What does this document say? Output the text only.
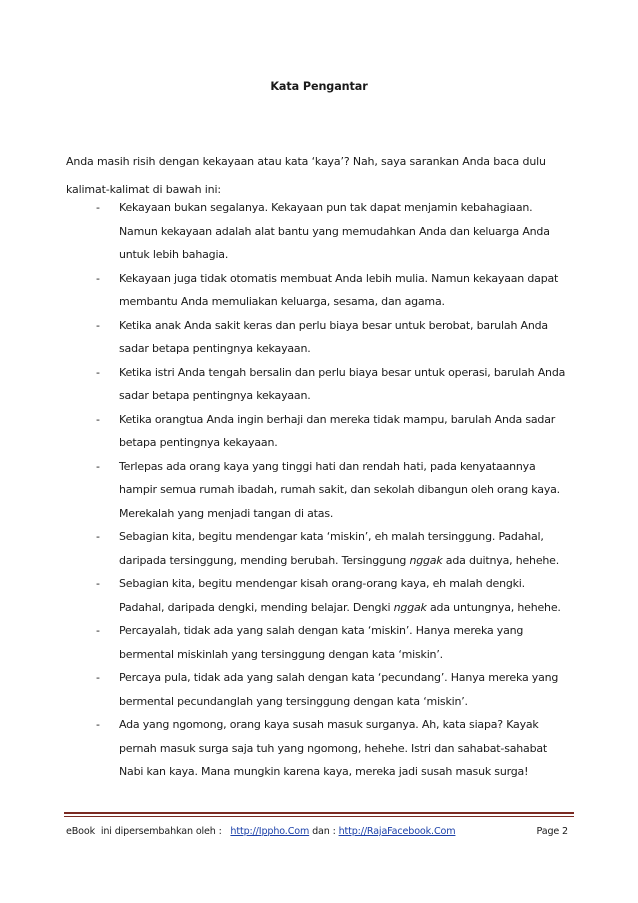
Kata Pengantar
Anda masih risih dengan kekayaan atau kata ‘kaya’? Nah, saya sarankan Anda baca dulu kalimat-kalimat di bawah ini:
- Kekayaan bukan segalanya. Kekayaan pun tak dapat menjamin kebahagiaan. Namun kekayaan adalah alat bantu yang memudahkan Anda dan keluarga Anda untuk lebih bahagia.
- Kekayaan juga tidak otomatis membuat Anda lebih mulia. Namun kekayaan dapat membantu Anda memuliakan keluarga, sesama, dan agama.
- Ketika anak Anda sakit keras dan perlu biaya besar untuk berobat, barulah Anda sadar betapa pentingnya kekayaan.
- Ketika istri Anda tengah bersalin dan perlu biaya besar untuk operasi, barulah Anda sadar betapa pentingnya kekayaan.
- Ketika orangtua Anda ingin berhaji dan mereka tidak mampu, barulah Anda sadar betapa pentingnya kekayaan.
- Terlepas ada orang kaya yang tinggi hati dan rendah hati, pada kenyataannya hampir semua rumah ibadah, rumah sakit, dan sekolah dibangun oleh orang kaya. Merekalah yang menjadi tangan di atas.
- Sebagian kita, begitu mendengar kata ‘miskin’, eh malah tersinggung. Padahal, daripada tersinggung, mending berubah. Tersinggung nggak ada duitnya, hehehe.
- Sebagian kita, begitu mendengar kisah orang-orang kaya, eh malah dengki. Padahal, daripada dengki, mending belajar. Dengki nggak ada untungnya, hehehe.
- Percayalah, tidak ada yang salah dengan kata ‘miskin’. Hanya mereka yang bermental miskinlah yang tersinggung dengan kata ‘miskin’.
- Percaya pula, tidak ada yang salah dengan kata ‘pecundang’. Hanya mereka yang bermental pecundanglah yang tersinggung dengan kata ‘miskin’.
- Ada yang ngomong, orang kaya susah masuk surganya. Ah, kata siapa? Kayak pernah masuk surga saja tuh yang ngomong, hehehe. Istri dan sahabat-sahabat Nabi kan kaya. Mana mungkin karena kaya, mereka jadi susah masuk surga!
eBook  ini dipersembahkan oleh :   http://Ippho.Com dan : http://RajaFacebook.Com	Page 2
